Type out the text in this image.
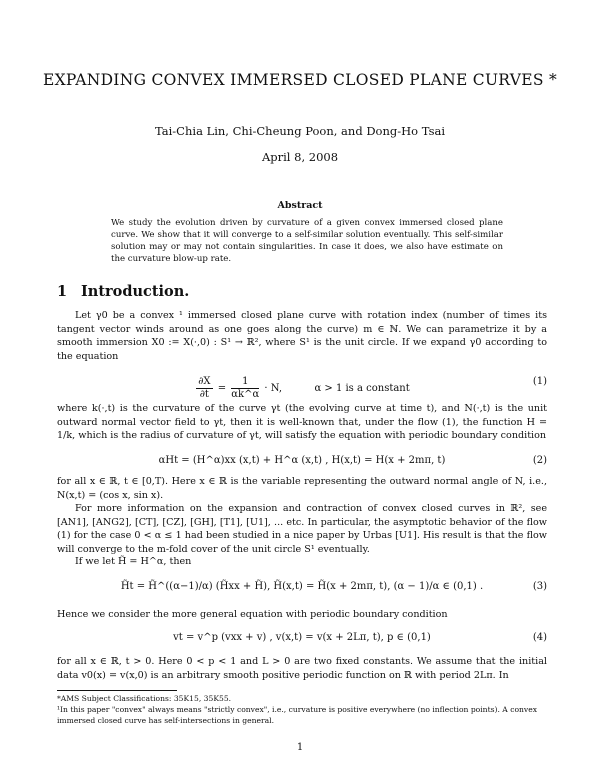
EXPANDING CONVEX IMMERSED CLOSED PLANE CURVES *
Tai-Chia Lin, Chi-Cheung Poon, and Dong-Ho Tsai
April 8, 2008
Abstract
We study the evolution driven by curvature of a given convex immersed closed plane curve. We show that it will converge to a self-similar solution eventually. This self-similar solution may or may not contain singularities. In case it does, we also have estimate on the curvature blow-up rate.
1 Introduction.
Let γ0 be a convex ¹ immersed closed plane curve with rotation index (number of times its tangent vector winds around as one goes along the curve) m ∈ ℕ. We can parametrize it by a smooth immersion X0 := X(·,0) : S¹ → ℝ², where S¹ is the unit circle. If we expand γ0 according to the equation
$\frac{\partial X}{\partial t} = \frac{1}{\alpha k\^{}\alpha} \cdot N$,	α > 1 is a constant
(1)
where k(·,t) is the curvature of the curve γt (the evolving curve at time t), and N(·,t) is the unit outward normal vector field to γt, then it is well-known that, under the flow (1), the function H = 1/k, which is the radius of curvature of γt, will satisfy the equation with periodic boundary condition
αHt = (H^α)xx (x,t) + H^α (x,t) , H(x,t) = H(x + 2mπ, t)	(2)
for all x ∈ ℝ, t ∈ [0,T). Here x ∈ ℝ is the variable representing the outward normal angle of N, i.e., N(x,t) = (cos x, sin x).
For more information on the expansion and contraction of convex closed curves in ℝ², see [AN1], [ANG2], [CT], [CZ], [GH], [T1], [U1], ... etc. In particular, the asymptotic behavior of the flow (1) for the case 0 < α ≤ 1 had been studied in a nice paper by Urbas [U1]. His result is that the flow will converge to the m-fold cover of the unit circle S¹ eventually.
If we let H̃ = H^α, then
H̃t = H̃^((α−1)/α) (H̃xx + H̃), H̃(x,t) = H̃(x + 2mπ, t), (α − 1)/α ∈ (0,1) .	(3)
Hence we consider the more general equation with periodic boundary condition
vt = v^p (vxx + v) , v(x,t) = v(x + 2Lπ, t), p ∈ (0,1)	(4)
for all x ∈ ℝ, t > 0. Here 0 < p < 1 and L > 0 are two fixed constants. We assume that the initial data v0(x) = v(x,0) is an arbitrary smooth positive periodic function on ℝ with period 2Lπ. In
*AMS Subject Classifications: 35K15, 35K55.
¹In this paper "convex" always means "strictly convex", i.e., curvature is positive everywhere (no inflection points). A convex immersed closed curve has self-intersections in general.
1
